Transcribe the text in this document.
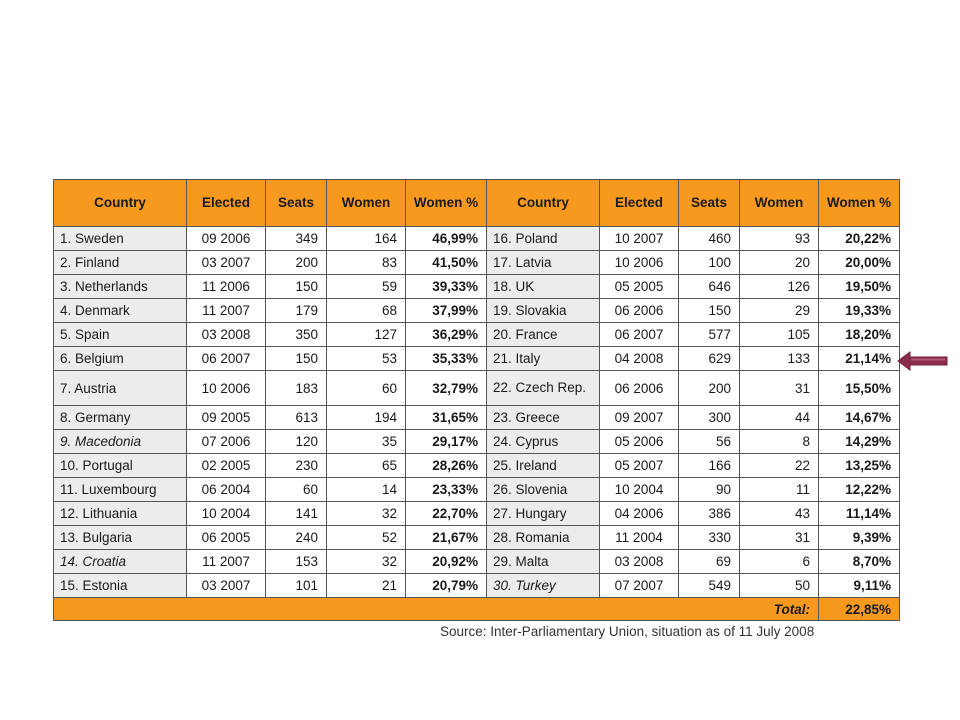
Country	Elected	Seats	Women	Women %	Country	Elected	Seats	Women	Women %
1. Sweden	09 2006	349	164	46,99%	16. Poland	10 2007	460	93	20,22%
2. Finland	03 2007	200	83	41,50%	17. Latvia	10 2006	100	20	20,00%
3. Netherlands	11 2006	150	59	39,33%	18. UK	05 2005	646	126	19,50%
4. Denmark	11 2007	179	68	37,99%	19. Slovakia	06 2006	150	29	19,33%
5. Spain	03 2008	350	127	36,29%	20. France	06 2007	577	105	18,20%
6. Belgium	06 2007	150	53	35,33%	21. Italy	04 2008	629	133	21,14%
7. Austria	10 2006	183	60	32,79%	22. Czech Rep.	06 2006	200	31	15,50%
8. Germany	09 2005	613	194	31,65%	23. Greece	09 2007	300	44	14,67%
9. Macedonia	07 2006	120	35	29,17%	24. Cyprus	05 2006	56	8	14,29%
10. Portugal	02 2005	230	65	28,26%	25. Ireland	05 2007	166	22	13,25%
11. Luxembourg	06 2004	60	14	23,33%	26. Slovenia	10 2004	90	11	12,22%
12. Lithuania	10 2004	141	32	22,70%	27. Hungary	04 2006	386	43	11,14%
13. Bulgaria	06 2005	240	52	21,67%	28. Romania	11 2004	330	31	9,39%
14. Croatia	11 2007	153	32	20,92%	29. Malta	03 2008	69	6	8,70%
15. Estonia	03 2007	101	21	20,79%	30. Turkey	07 2007	549	50	9,11%
Total:									22,85%
Source: Inter-Parliamentary Union, situation as of 11 July 2008
